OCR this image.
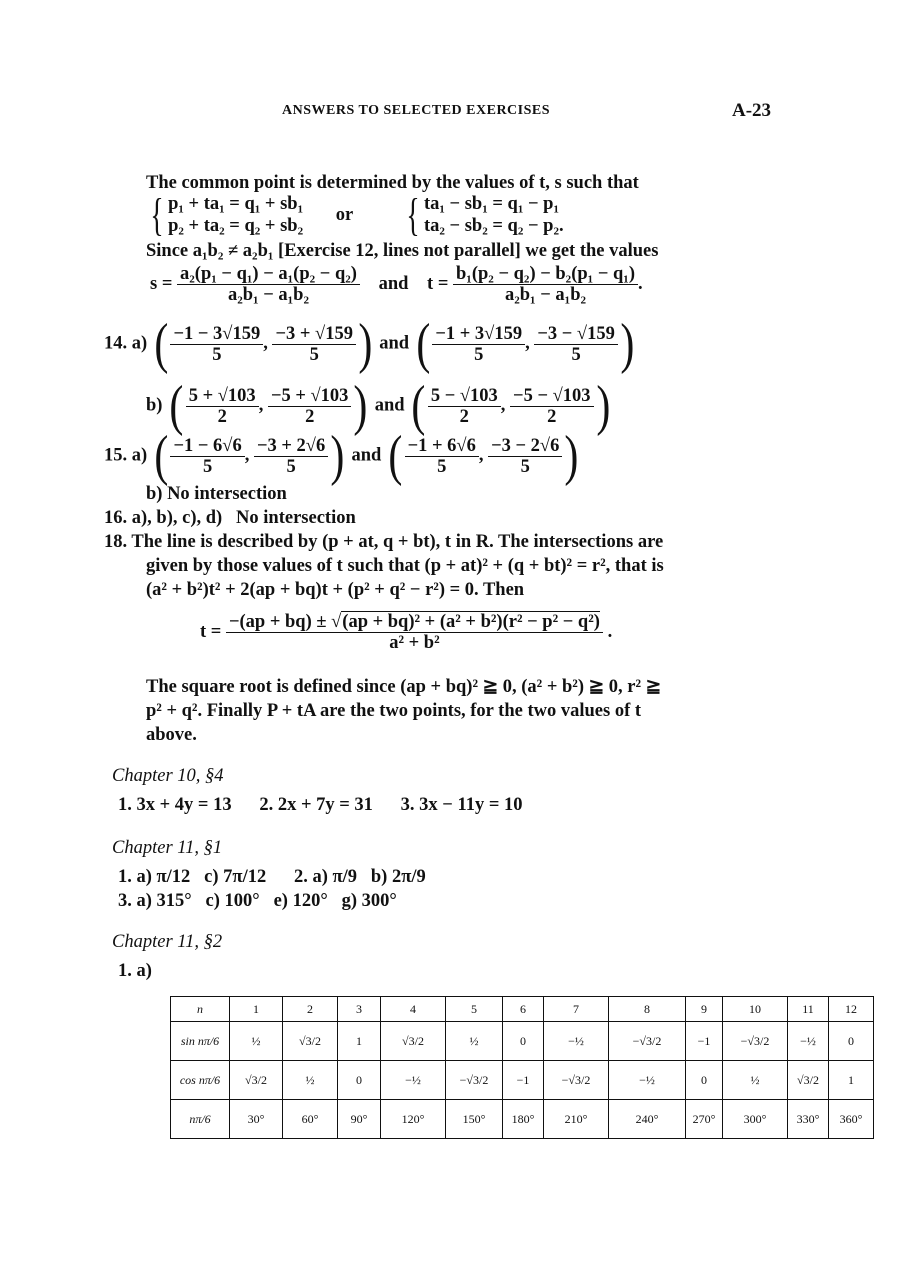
ANSWERS TO SELECTED EXERCISES	A-23
The common point is determined by the values of t, s such that
{ p₁ + ta₁ = q₁ + sb₁
p₂ + ta₂ = q₂ + sb₂
or { ta₁ − sb₁ = q₁ − p₁
ta₂ − sb₂ = q₂ − p₂.
Since a₁b₂ ≠ a₂b₁ [Exercise 12, lines not parallel] we get the values
$s = \frac{\text{a₂(p₁ − q₁) − a₁(p₂ − q₂)}}{\text{a₂b₁ − a₁b₂}}$ and $t = \frac{\text{b₁(p₂ − q₂) − b₂(p₁ − q₁)}}{\text{a₂b₁ − a₁b₂}}$ .
14. a) ( $\frac{-1 - 3√159}{5}$ , $\frac{-3 + √159}{5}$ ) and ( $\frac{-1 + 3√159}{5}$ , $\frac{-3 - √159}{5}$ )
b) ( $\frac{5 + √103}{2}$ , $\frac{-5 + √103}{2}$ ) and ( $\frac{5 - √103}{2}$ , $\frac{-5 - √103}{2}$ )
15. a) ( $\frac{-1 - 6√6}{5}$ , $\frac{-3 + 2√6}{5}$ ) and ( $\frac{-1 + 6√6}{5}$ , $\frac{-3 - 2√6}{5}$ )
b) No intersection
16. a), b), c), d)   No intersection
18. The line is described by (p + at, q + bt), t in R. The intersections are
given by those values of t such that (p + at)² + (q + bt)² = r², that is
(a² + b²)t² + 2(ap + bq)t + (p² + q² − r²) = 0. Then
$t = \frac{\text{−(ap + bq) ± √(ap + bq)² + (a² + b²)(r² − p² − q²)}}{\text{a² + b²}}$ .
The square root is defined since (ap + bq)² ≧ 0, (a² + b²) ≧ 0, r² ≧
p² + q². Finally P + tA are the two points, for the two values of t
above.
Chapter 10, §4
1. 3x + 4y = 13      2. 2x + 7y = 31      3. 3x − 11y = 10
Chapter 11, §1
1. a) π/12   c) 7π/12      2. a) π/9   b) 2π/9
3. a) 315°   c) 100°   e) 120°   g) 300°
Chapter 11, §2
1. a)
n	1	2	3	4	5	6	7	8	9	10	11	12
sin nπ/6	½	√3/2	1	√3/2	½	0	−½	−√3/2	−1	−√3/2	−½	0
cos nπ/6	√3/2	½	0	−½	−√3/2	−1	−√3/2	−½	0	½	√3/2	1
nπ/6	30°	60°	90°	120°	150°	180°	210°	240°	270°	300°	330°	360°
